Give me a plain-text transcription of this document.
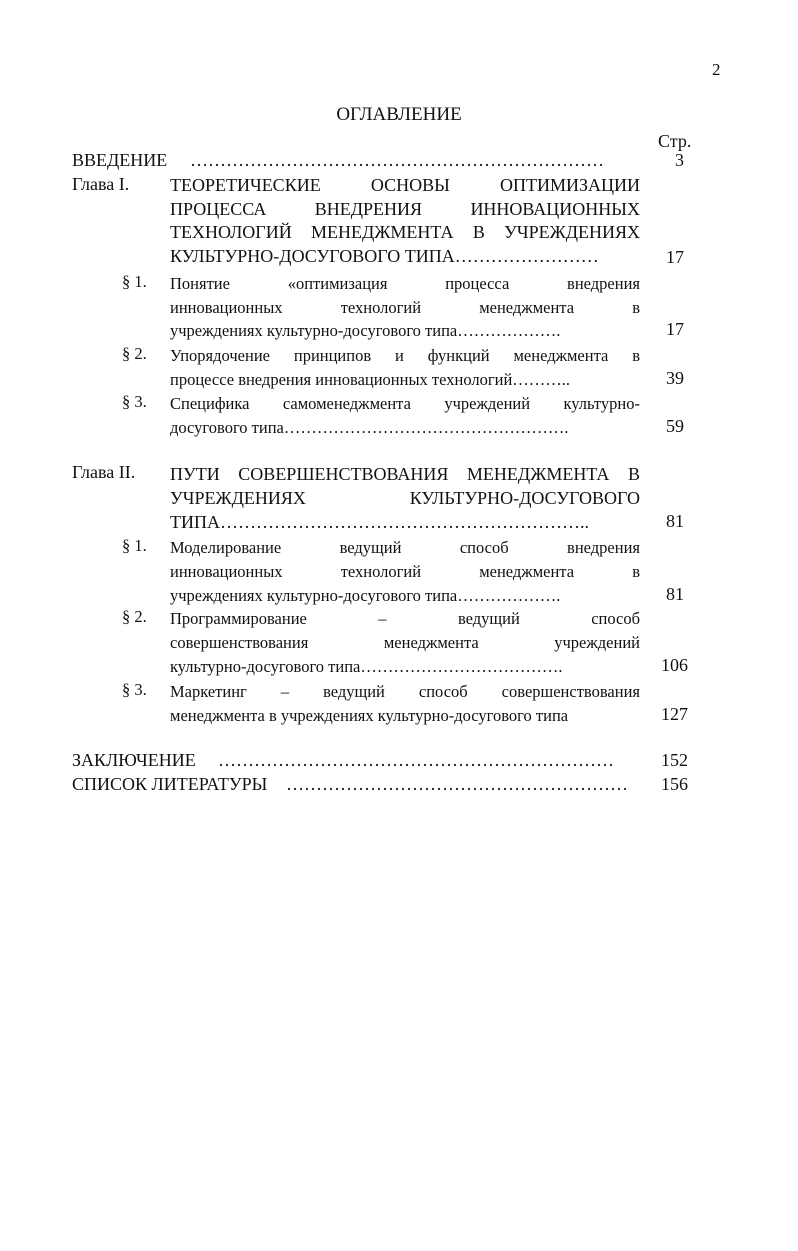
2
ОГЛАВЛЕНИЕ
Стр.
ВВЕДЕНИЕ ……………………………………………………………	3
Глава I. ТЕОРЕТИЧЕСКИЕ ОСНОВЫ ОПТИМИЗАЦИИ
ПРОЦЕССА ВНЕДРЕНИЯ ИННОВАЦИОННЫХ
ТЕХНОЛОГИЙ МЕНЕДЖМЕНТА В УЧРЕЖДЕНИЯХ
КУЛЬТУРНО-ДОСУГОВОГО ТИПА……………………	17
§ 1. Понятие «оптимизация процесса внедрения
инновационных технологий менеджмента в
учреждениях культурно-досугового типа……………….	17
§ 2. Упорядочение принципов и функций менеджмента в
процессе внедрения инновационных технологий………..	39
§ 3. Специфика самоменеджмента учреждений культурно-
досугового типа…………………………………………….	59
Глава II. ПУТИ СОВЕРШЕНСТВОВАНИЯ МЕНЕДЖМЕНТА В
УЧРЕЖДЕНИЯХ КУЛЬТУРНО-ДОСУГОВОГО
ТИПА……………………………………………………..	81
§ 1. Моделирование ведущий способ внедрения
инновационных технологий менеджмента в
учреждениях культурно-досугового типа……………….	81
§ 2. Программирование – ведущий способ
совершенствования менеджмента учреждений
культурно-досугового типа……………………………….	106
§ 3. Маркетинг – ведущий способ совершенствования
менеджмента в учреждениях культурно-досугового типа	127
ЗАКЛЮЧЕНИЕ …………………………………………………………	152
СПИСОК ЛИТЕРАТУРЫ …………………………………………………	156
